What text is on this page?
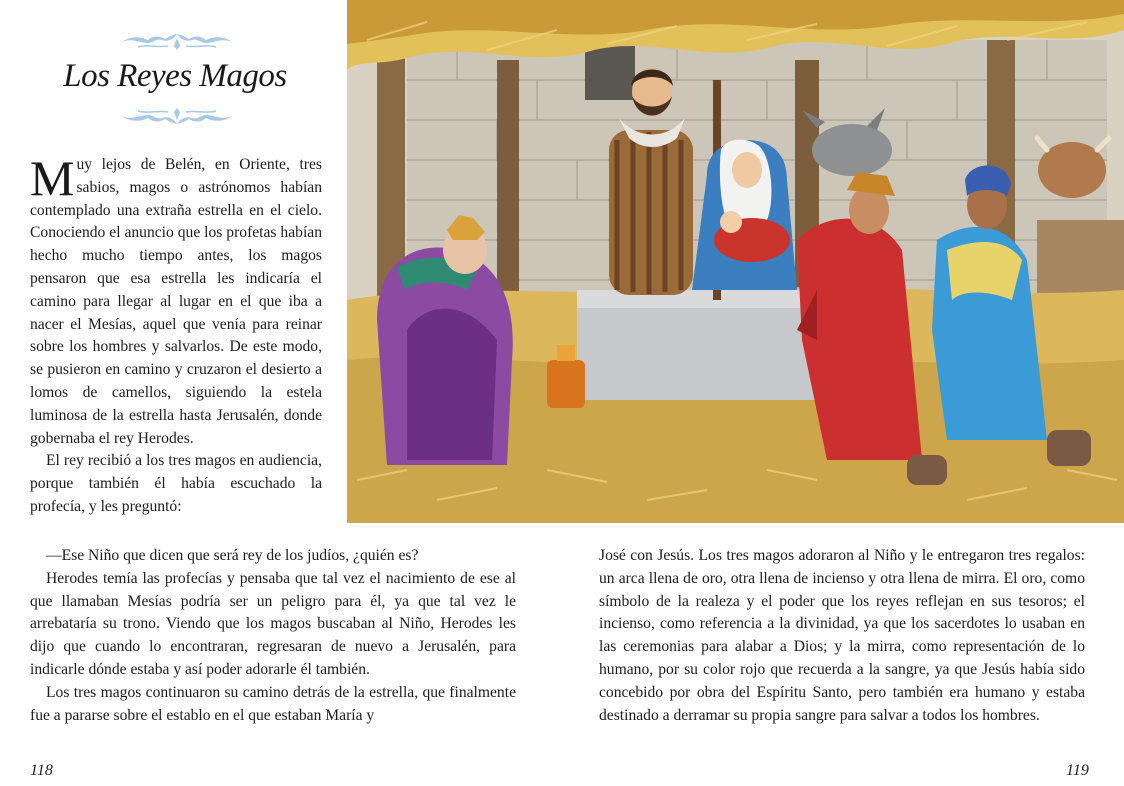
Los Reyes Magos

Muy lejos de Belén, en Oriente, tres sabios, magos o astrónomos habían contemplado una extraña estrella en el cielo. Conociendo el anuncio que los profetas habían hecho mucho tiempo antes, los magos pensaron que esa estrella les indicaría el camino para llegar al lugar en el que iba a nacer el Mesías, aquel que venía para reinar sobre los hombres y salvarlos. De este modo, se pusieron en camino y cruzaron el desierto a lomos de camellos, siguiendo la estela luminosa de la estrella hasta Jerusalén, donde gobernaba el rey Herodes.

El rey recibió a los tres magos en audiencia, porque también él había escuchado la profecía, y les preguntó:

—Ese Niño que dicen que será rey de los judíos, ¿quién es?

Herodes temía las profecías y pensaba que tal vez el nacimiento de ese al que llamaban Mesías podría ser un peligro para él, ya que tal vez le arrebataría su trono. Viendo que los magos buscaban al Niño, Herodes les dijo que cuando lo encontraran, regresaran de nuevo a Jerusalén, para indicarle dónde estaba y así poder adorarle él también.

Los tres magos continuaron su camino detrás de la estrella, que finalmente fue a pararse sobre el establo en el que estaban María y

José con Jesús. Los tres magos adoraron al Niño y le entregaron tres regalos: un arca llena de oro, otra llena de incienso y otra llena de mirra. El oro, como símbolo de la realeza y el poder que los reyes reflejan en sus tesoros; el incienso, como referencia a la divinidad, ya que los sacerdotes lo usaban en las ceremonias para alabar a Dios; y la mirra, como representación de lo humano, por su color rojo que recuerda a la sangre, ya que Jesús había sido concebido por obra del Espíritu Santo, pero también era humano y estaba destinado a derramar su propia sangre para salvar a todos los hombres.

118	119
